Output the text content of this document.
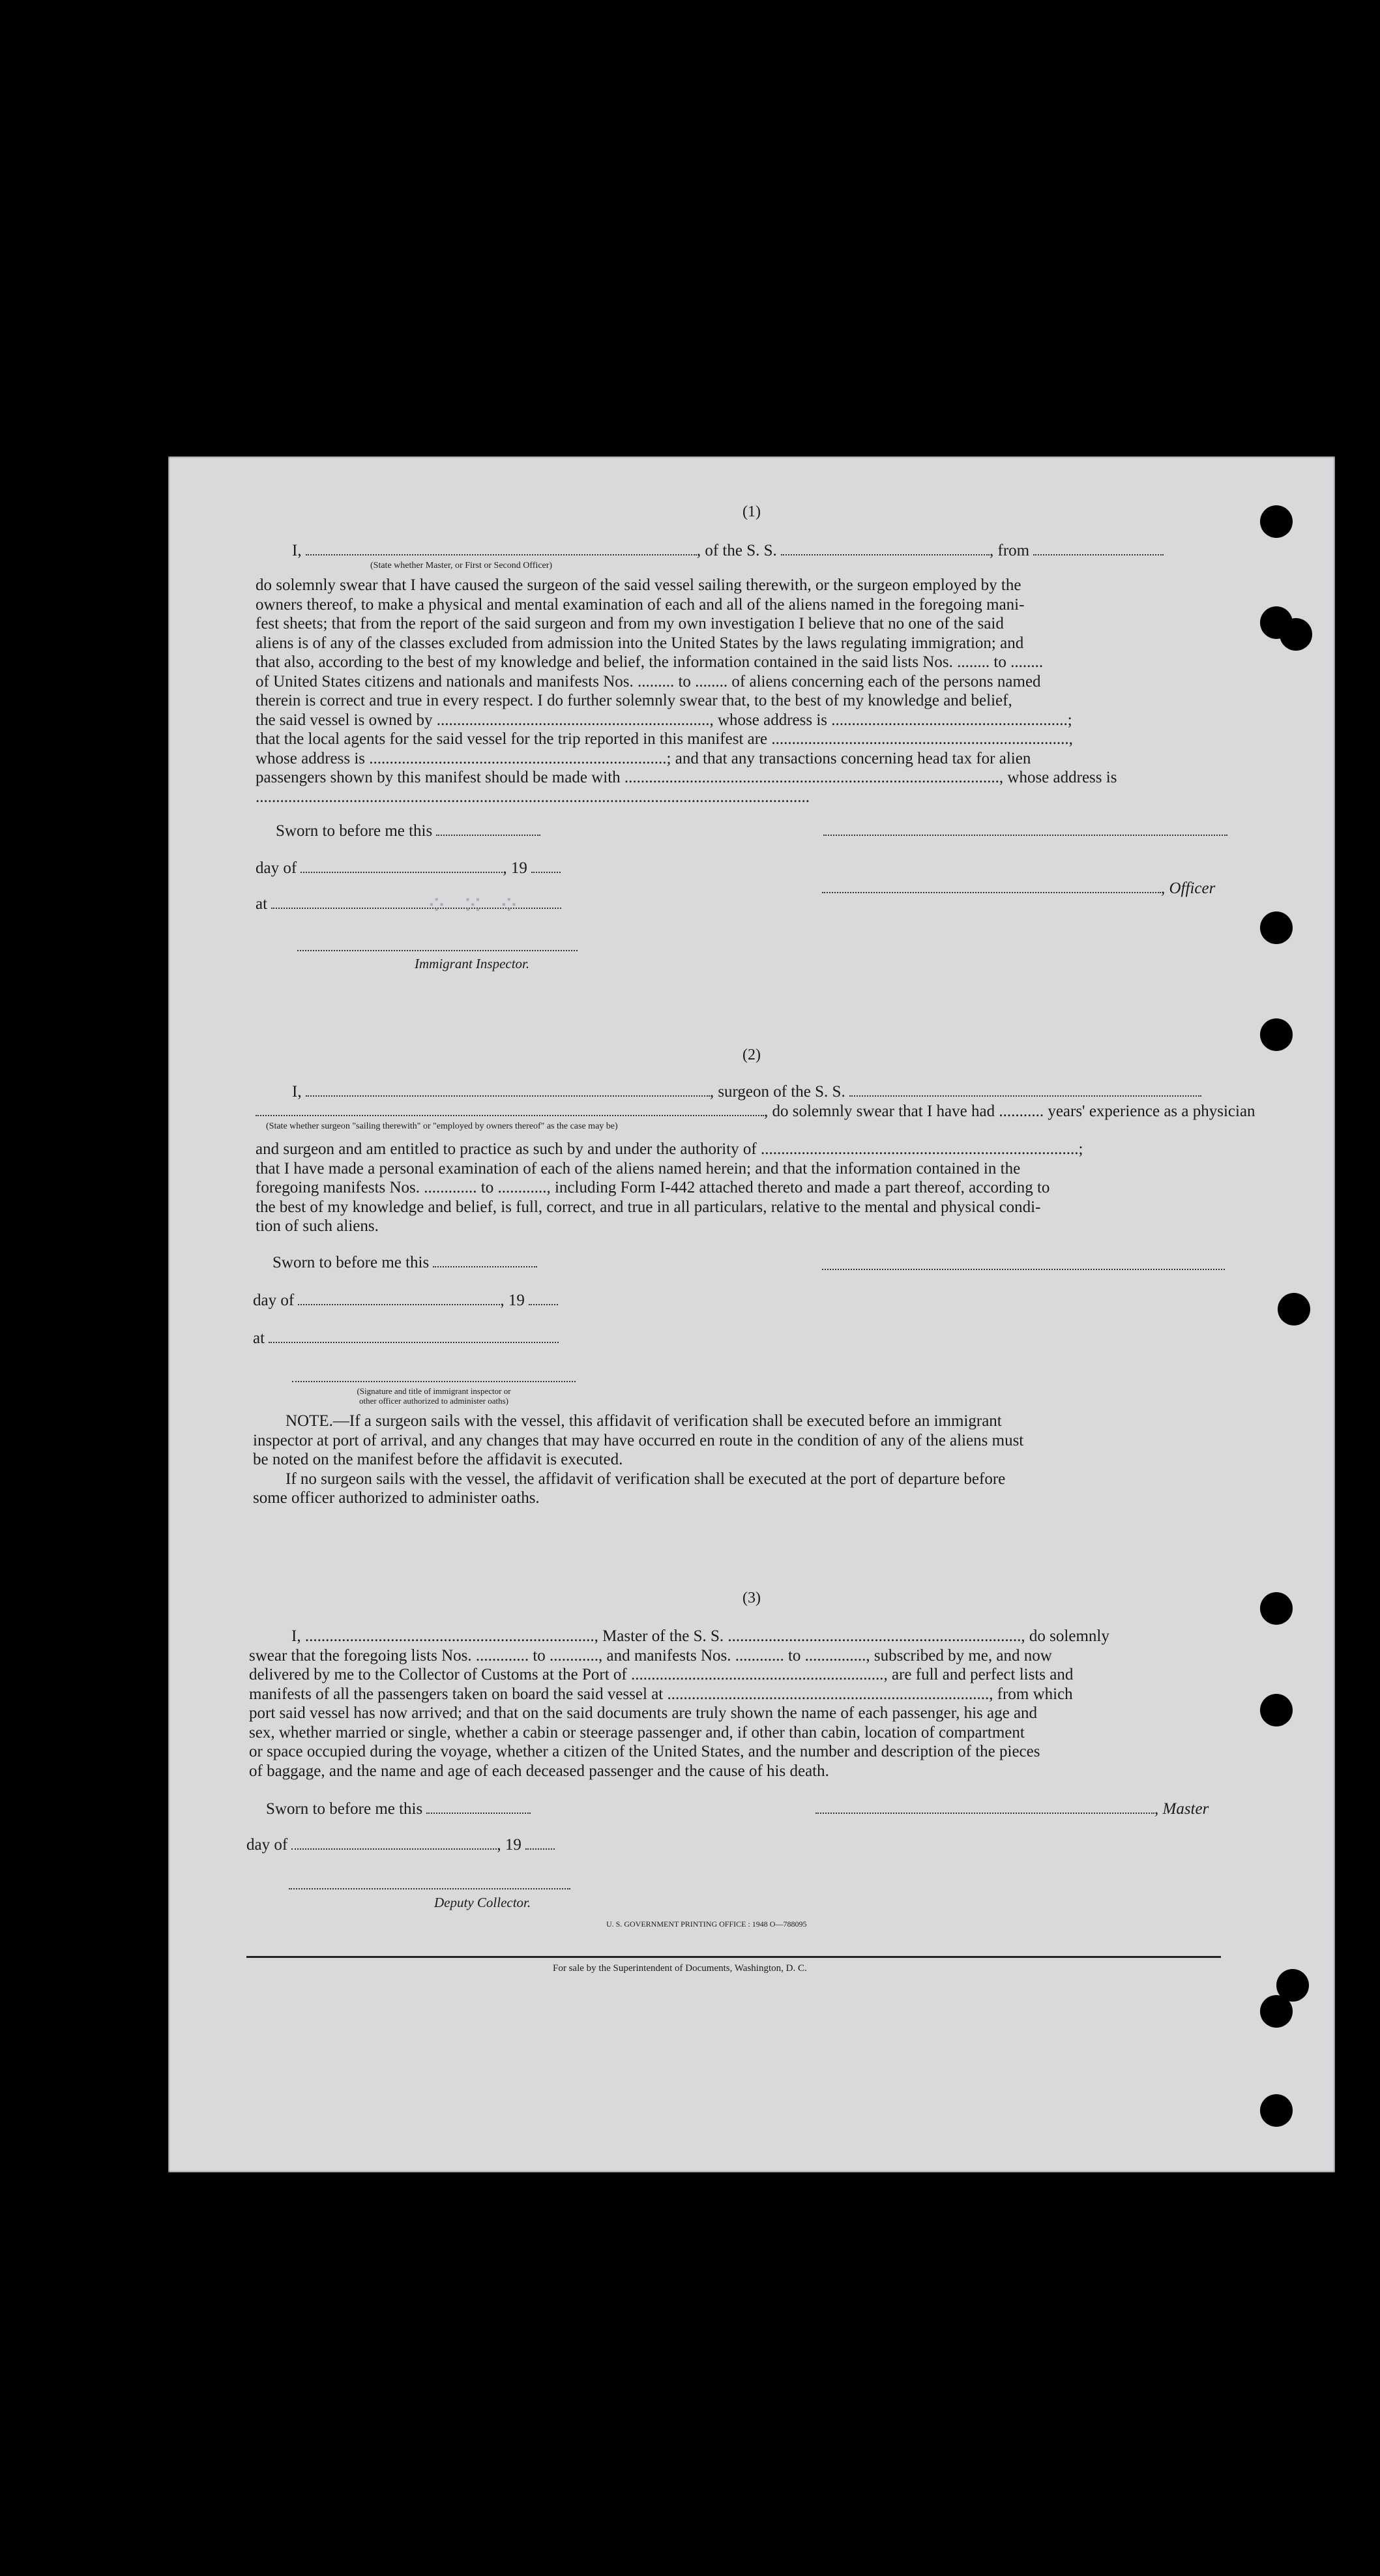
(1)
I,	, of the S. S.	, from
(State whether Master, or First or Second Officer)
do solemnly swear that I have caused the surgeon of the said vessel sailing therewith, or the surgeon employed by the
owners thereof, to make a physical and mental examination of each and all of the aliens named in the foregoing mani-
fest sheets; that from the report of the said surgeon and from my own investigation I believe that no one of the said
aliens is of any of the classes excluded from admission into the United States by the laws regulating immigration; and
that also, according to the best of my knowledge and belief, the information contained in the said lists Nos. ........ to ........
of United States citizens and nationals and manifests Nos. ......... to ........ of aliens concerning each of the persons named
therein is correct and true in every respect. I do further solemnly swear that, to the best of my knowledge and belief,
the said vessel is owned by ..................................................................., whose address is ..........................................................;
that the local agents for the said vessel for the trip reported in this manifest are .........................................................................,
whose address is .........................................................................; and that any transactions concerning head tax for alien
passengers shown by this manifest should be made with ............................................................................................, whose address is
........................................................................................................................................
Sworn to before me this
day of	, 19
at
, Officer
Immigrant Inspector.
⁘ ⁙ ⁘
(2)
I,	, surgeon of the S. S.
, do solemnly swear that I have had ........... years' experience as a physician
(State whether surgeon "sailing therewith" or "employed by owners thereof" as the case may be)
and surgeon and am entitled to practice as such by and under the authority of ..............................................................................;
that I have made a personal examination of each of the aliens named herein; and that the information contained in the
foregoing manifests Nos. ............. to ............, including Form I-442 attached thereto and made a part thereof, according to
the best of my knowledge and belief, is full, correct, and true in all particulars, relative to the mental and physical condi-
tion of such aliens.
Sworn to before me this
day of	, 19
at
(Signature and title of immigrant inspector or
other officer authorized to administer oaths)
NOTE.—If a surgeon sails with the vessel, this affidavit of verification shall be executed before an immigrant
inspector at port of arrival, and any changes that may have occurred en route in the condition of any of the aliens must
be noted on the manifest before the affidavit is executed.
If no surgeon sails with the vessel, the affidavit of verification shall be executed at the port of departure before
some officer authorized to administer oaths.
(3)
I, ......................................................................., Master of the S. S. ........................................................................, do solemnly
swear that the foregoing lists Nos. ............. to ............, and manifests Nos. ............ to ..............., subscribed by me, and now
delivered by me to the Collector of Customs at the Port of .............................................................., are full and perfect lists and
manifests of all the passengers taken on board the said vessel at ..............................................................................., from which
port said vessel has now arrived; and that on the said documents are truly shown the name of each passenger, his age and
sex, whether married or single, whether a cabin or steerage passenger and, if other than cabin, location of compartment
or space occupied during the voyage, whether a citizen of the United States, and the number and description of the pieces
of baggage, and the name and age of each deceased passenger and the cause of his death.
Sworn to before me this	, Master
day of	, 19
Deputy Collector.
U. S. GOVERNMENT PRINTING OFFICE : 1948 O—788095
For sale by the Superintendent of Documents, Washington, D. C.
